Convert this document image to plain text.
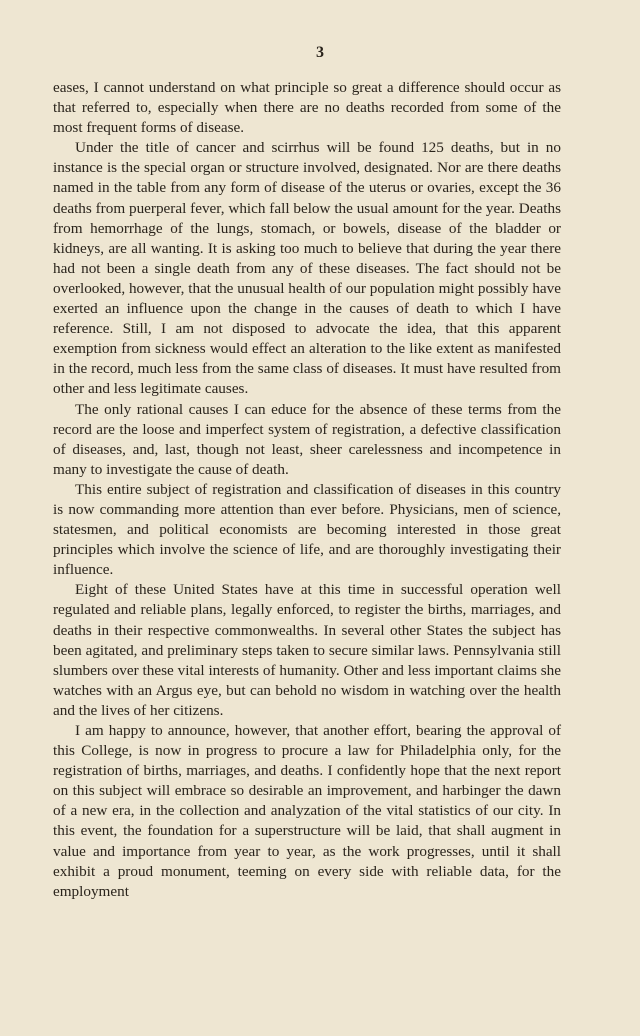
3

eases, I cannot understand on what principle so great a difference should occur as that referred to, especially when there are no deaths recorded from some of the most frequent forms of disease.

Under the title of cancer and scirrhus will be found 125 deaths, but in no instance is the special organ or structure involved, designated. Nor are there deaths named in the table from any form of disease of the uterus or ovaries, except the 36 deaths from puerperal fever, which fall below the usual amount for the year. Deaths from hemorrhage of the lungs, stomach, or bowels, disease of the bladder or kidneys, are all wanting. It is asking too much to believe that during the year there had not been a single death from any of these diseases. The fact should not be overlooked, however, that the unusual health of our population might possibly have exerted an influence upon the change in the causes of death to which I have reference. Still, I am not disposed to advocate the idea, that this apparent exemption from sickness would effect an alteration to the like extent as manifested in the record, much less from the same class of diseases. It must have resulted from other and less legitimate causes.

The only rational causes I can educe for the absence of these terms from the record are the loose and imperfect system of registration, a defective classification of diseases, and, last, though not least, sheer carelessness and incompetence in many to investigate the cause of death.

This entire subject of registration and classification of diseases in this country is now commanding more attention than ever before. Physicians, men of science, statesmen, and political economists are becoming interested in those great principles which involve the science of life, and are thoroughly investigating their influence.

Eight of these United States have at this time in successful operation well regulated and reliable plans, legally enforced, to register the births, marriages, and deaths in their respective commonwealths. In several other States the subject has been agitated, and preliminary steps taken to secure similar laws. Pennsylvania still slumbers over these vital interests of humanity. Other and less important claims she watches with an Argus eye, but can behold no wisdom in watching over the health and the lives of her citizens.

I am happy to announce, however, that another effort, bearing the approval of this College, is now in progress to procure a law for Philadelphia only, for the registration of births, marriages, and deaths. I confidently hope that the next report on this subject will embrace so desirable an improvement, and harbinger the dawn of a new era, in the collection and analyzation of the vital statistics of our city. In this event, the foundation for a superstructure will be laid, that shall augment in value and importance from year to year, as the work progresses, until it shall exhibit a proud monument, teeming on every side with reliable data, for the employment
